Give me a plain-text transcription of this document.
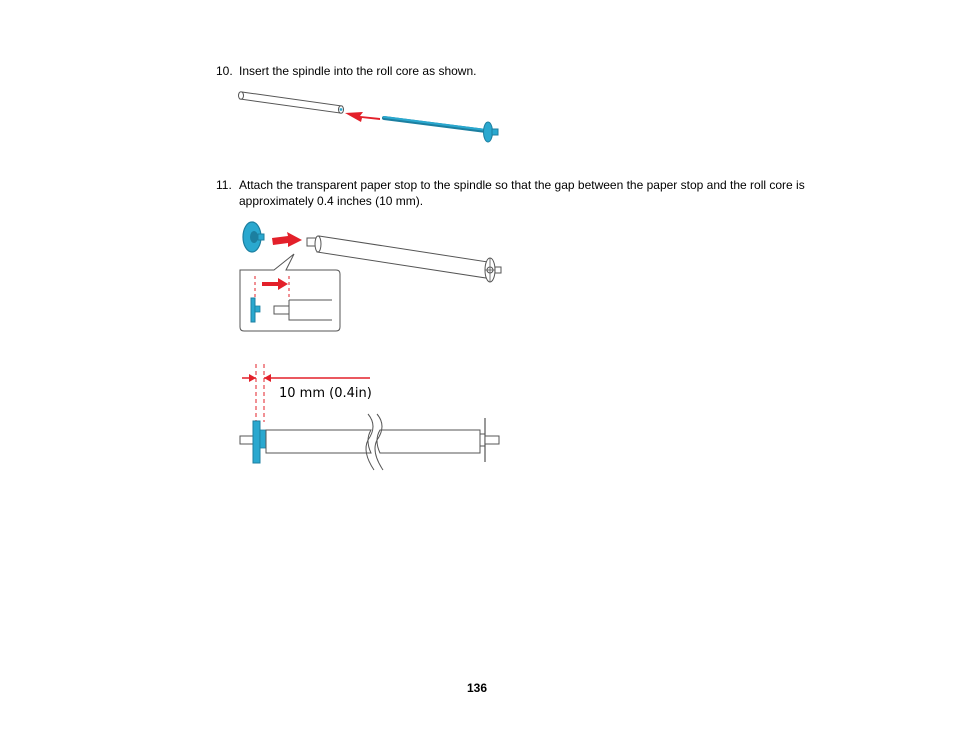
10. Insert the spindle into the roll core as shown.
11. Attach the transparent paper stop to the spindle so that the gap between the paper stop and the roll core is approximately 0.4 inches (10 mm).
10 mm (0.4in)
136
